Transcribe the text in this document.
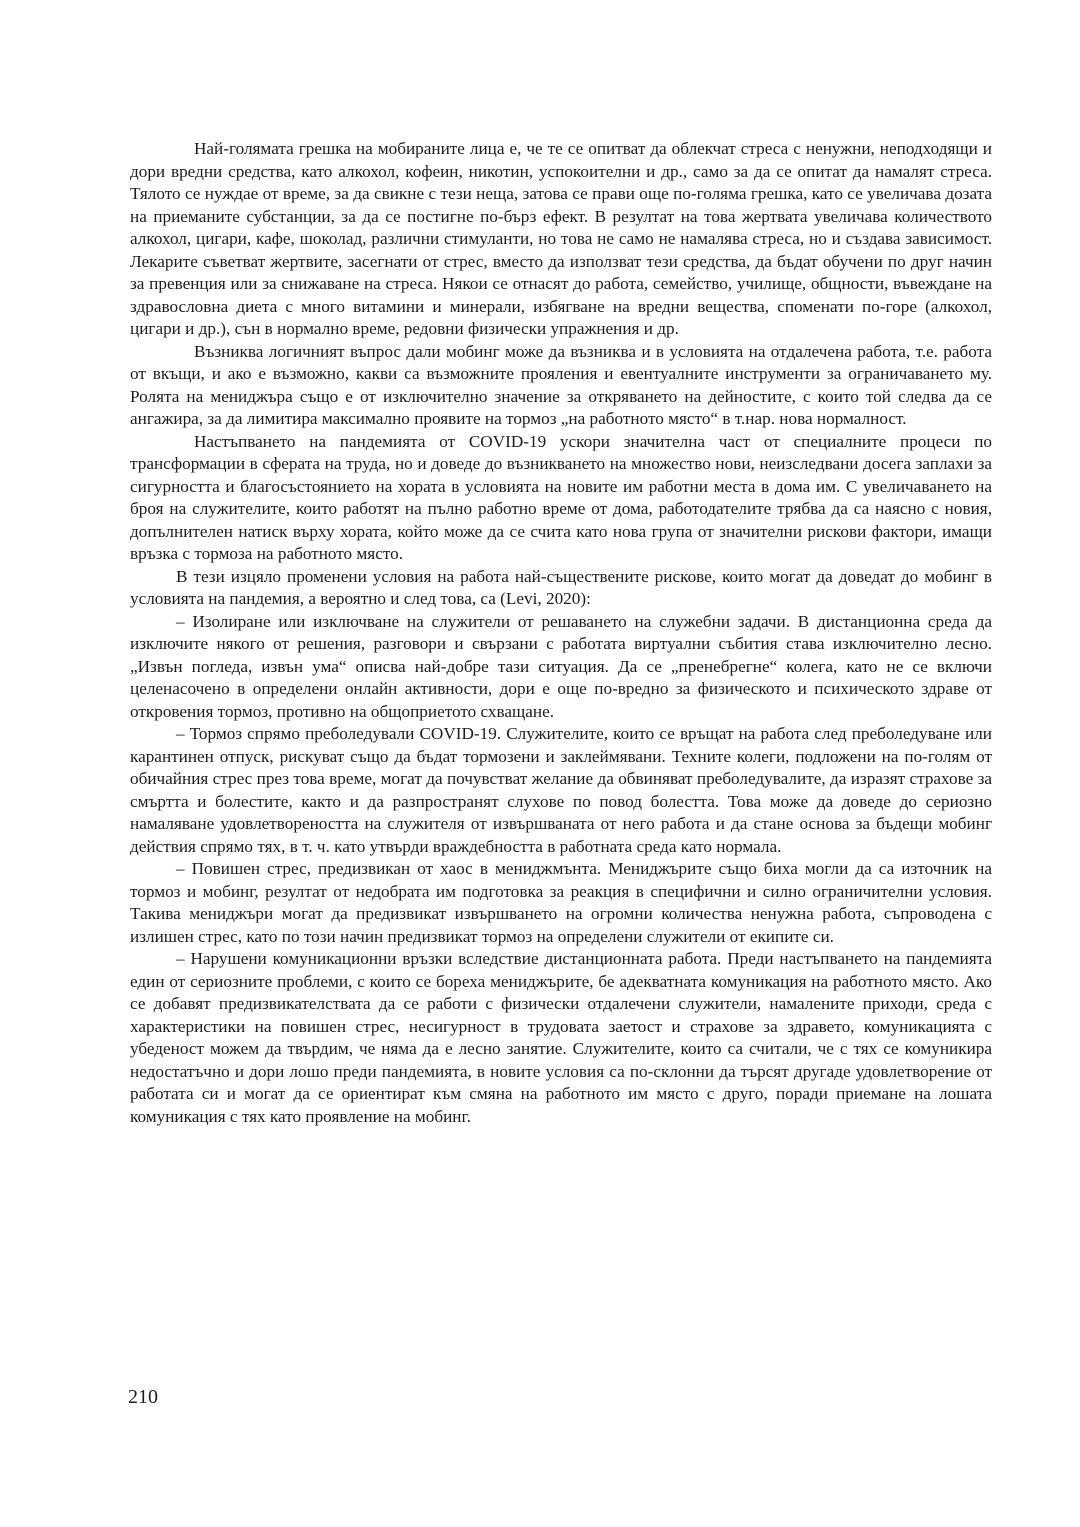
Най-голямата грешка на мобираните лица е, че те се опитват да облекчат стреса с ненужни, неподходящи и дори вредни средства, като алкохол, кофеин, никотин, успокоителни и др., само за да се опитат да намалят стреса. Тялото се нуждае от време, за да свикне с тези неща, затова се прави още по-голяма грешка, като се увеличава дозата на приеманите субстанции, за да се постигне по-бърз ефект. В резултат на това жертвата увеличава количеството алкохол, цигари, кафе, шоколад, различни стимуланти, но това не само не намалява стреса, но и създава зависимост. Лекарите съветват жертвите, засегнати от стрес, вместо да използват тези средства, да бъдат обучени по друг начин за превенция или за снижаване на стреса. Някои се отнасят до работа, семейство, училище, общности, въвеждане на здравословна диета с много витамини и минерали, избягване на вредни вещества, споменати по-горе (алкохол, цигари и др.), сън в нормално време, редовни физически упражнения и др.

Възниква логичният въпрос дали мобинг може да възниква и в условията на отдалечена работа, т.е. работа от вкъщи, и ако е възможно, какви са възможните прояления и евентуалните инструменти за ограничаването му. Ролята на мениджъра също е от изключително значение за откряването на дейностите, с които той следва да се ангажира, за да лимитира максимално проявите на тормоз „на работното място“ в т.нар. нова нормалност.

Настъпването на пандемията от COVID-19 ускори значителна част от специалните процеси по трансформации в сферата на труда, но и доведе до възникването на множество нови, неизследвани досега заплахи за сигурността и благосъстоянието на хората в условията на новите им работни места в дома им. С увеличаването на броя на служителите, които работят на пълно работно време от дома, работодателите трябва да са наясно с новия, допълнителен натиск върху хората, който може да се счита като нова група от значителни рискови фактори, имащи връзка с тормоза на работното място.

В тези изцяло променени условия на работа най-съществените рискове, които могат да доведат до мобинг в условията на пандемия, а вероятно и след това, са (Levi, 2020):

– Изолиране или изключване на служители от решаването на служебни задачи. В дистанционна среда да изключите някого от решения, разговори и свързани с работата виртуални събития става изключително лесно. „Извън погледа, извън ума“ описва най-добре тази ситуация. Да се „пренебрегне“ колега, като не се включи целенасочено в определени онлайн активности, дори е още по-вредно за физическото и психическото здраве от откровения тормоз, противно на общоприетото схващане.

– Тормоз спрямо преболедували COVID-19. Служителите, които се връщат на работа след преболедуване или карантинен отпуск, рискуват също да бъдат тормозени и заклеймявани. Техните колеги, подложени на по-голям от обичайния стрес през това време, могат да почувстват желание да обвиняват преболедувалите, да изразят страхове за смъртта и болестите, както и да разпространят слухове по повод болестта. Това може да доведе до сериозно намаляване удовлетвореността на служителя от извършваната от него работа и да стане основа за бъдещи мобинг действия спрямо тях, в т. ч. като утвърди враждебността в работната среда като нормала.

– Повишен стрес, предизвикан от хаос в мениджмънта. Мениджърите също биха могли да са източник на тормоз и мобинг, резултат от недобрата им подготовка за реакция в специфични и силно ограничителни условия. Такива мениджъри могат да предизвикат извършването на огромни количества ненужна работа, съпроводена с излишен стрес, като по този начин предизвикат тормоз на определени служители от екипите си.

– Нарушени комуникационни връзки вследствие дистанционната работа. Преди настъпването на пандемията един от сериозните проблеми, с които се бореха мениджърите, бе адекватната комуникация на работното място. Ако се добавят предизвикателствата да се работи с физически отдалечени служители, намалените приходи, среда с характеристики на повишен стрес, несигурност в трудовата заетост и страхове за здравето, комуникацията с убеденост можем да твърдим, че няма да е лесно занятие. Служителите, които са считали, че с тях се комуникира недостатъчно и дори лошо преди пандемията, в новите условия са по-склонни да търсят другаде удовлетворение от работата си и могат да се ориентират към смяна на работното им място с друго, поради приемане на лошата комуникация с тях като проявление на мобинг.

210
